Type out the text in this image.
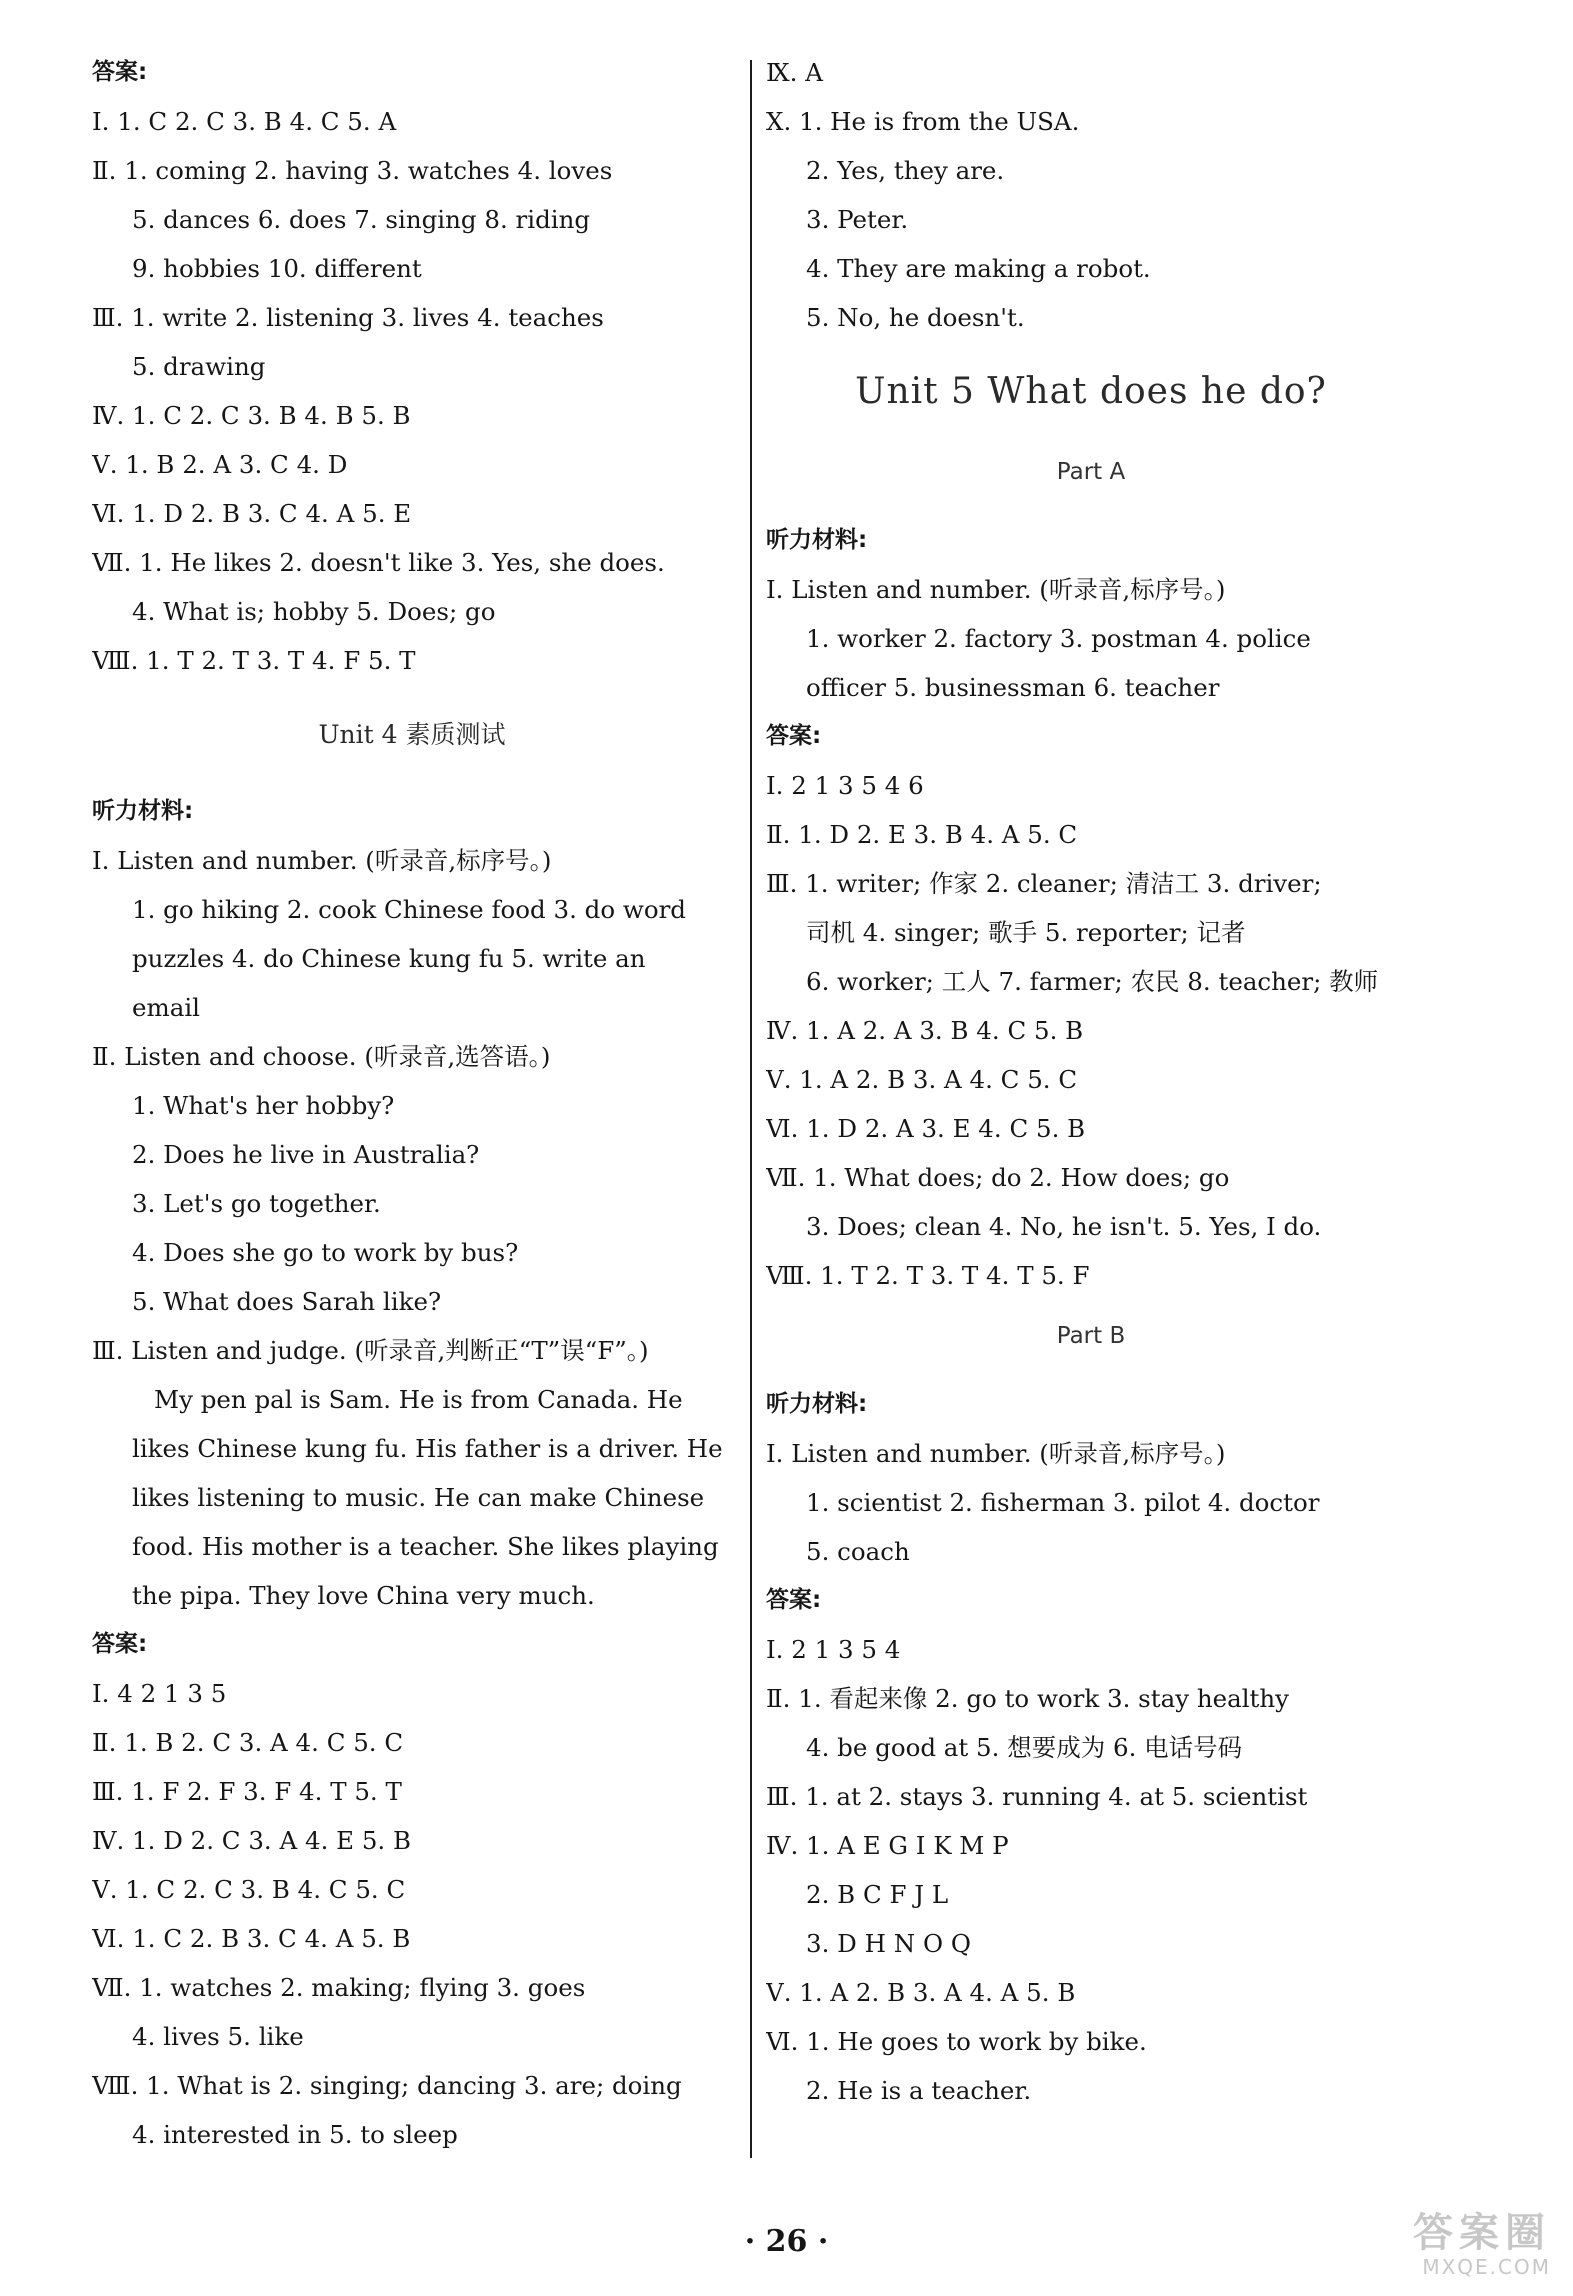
答案:
Ⅰ. 1. C 2. C 3. B 4. C 5. A
Ⅱ. 1. coming 2. having 3. watches 4. loves
5. dances 6. does 7. singing 8. riding
9. hobbies 10. different
Ⅲ. 1. write 2. listening 3. lives 4. teaches
5. drawing
Ⅳ. 1. C 2. C 3. B 4. B 5. B
Ⅴ. 1. B 2. A 3. C 4. D
Ⅵ. 1. D 2. B 3. C 4. A 5. E
Ⅶ. 1. He likes 2. doesn't like 3. Yes, she does.
4. What is; hobby 5. Does; go
Ⅷ. 1. T 2. T 3. T 4. F 5. T
Unit 4 素质测试
听力材料:
Ⅰ. Listen and number. (听录音,标序号。)
1. go hiking 2. cook Chinese food 3. do word
puzzles 4. do Chinese kung fu 5. write an
email
Ⅱ. Listen and choose. (听录音,选答语。)
1. What's her hobby?
2. Does he live in Australia?
3. Let's go together.
4. Does she go to work by bus?
5. What does Sarah like?
Ⅲ. Listen and judge. (听录音,判断正“T”误“F”。)
My pen pal is Sam. He is from Canada. He
likes Chinese kung fu. His father is a driver. He
likes listening to music. He can make Chinese
food. His mother is a teacher. She likes playing
the pipa. They love China very much.
答案:
Ⅰ. 4 2 1 3 5
Ⅱ. 1. B 2. C 3. A 4. C 5. C
Ⅲ. 1. F 2. F 3. F 4. T 5. T
Ⅳ. 1. D 2. C 3. A 4. E 5. B
Ⅴ. 1. C 2. C 3. B 4. C 5. C
Ⅵ. 1. C 2. B 3. C 4. A 5. B
Ⅶ. 1. watches 2. making; flying 3. goes
4. lives 5. like
Ⅷ. 1. What is 2. singing; dancing 3. are; doing
4. interested in 5. to sleep
Ⅸ. A
Ⅹ. 1. He is from the USA.
2. Yes, they are.
3. Peter.
4. They are making a robot.
5. No, he doesn't.
Unit 5 What does he do?
Part A
听力材料:
Ⅰ. Listen and number. (听录音,标序号。)
1. worker 2. factory 3. postman 4. police
officer 5. businessman 6. teacher
答案:
Ⅰ. 2 1 3 5 4 6
Ⅱ. 1. D 2. E 3. B 4. A 5. C
Ⅲ. 1. writer; 作家 2. cleaner; 清洁工 3. driver;
司机 4. singer; 歌手 5. reporter; 记者
6. worker; 工人 7. farmer; 农民 8. teacher; 教师
Ⅳ. 1. A 2. A 3. B 4. C 5. B
Ⅴ. 1. A 2. B 3. A 4. C 5. C
Ⅵ. 1. D 2. A 3. E 4. C 5. B
Ⅶ. 1. What does; do 2. How does; go
3. Does; clean 4. No, he isn't. 5. Yes, I do.
Ⅷ. 1. T 2. T 3. T 4. T 5. F
Part B
听力材料:
Ⅰ. Listen and number. (听录音,标序号。)
1. scientist 2. fisherman 3. pilot 4. doctor
5. coach
答案:
Ⅰ. 2 1 3 5 4
Ⅱ. 1. 看起来像 2. go to work 3. stay healthy
4. be good at 5. 想要成为 6. 电话号码
Ⅲ. 1. at 2. stays 3. running 4. at 5. scientist
Ⅳ. 1. A E G I K M P
2. B C F J L
3. D H N O Q
Ⅴ. 1. A 2. B 3. A 4. A 5. B
Ⅵ. 1. He goes to work by bike.
2. He is a teacher.
· 26 ·	答案圈
MXQE.COM
